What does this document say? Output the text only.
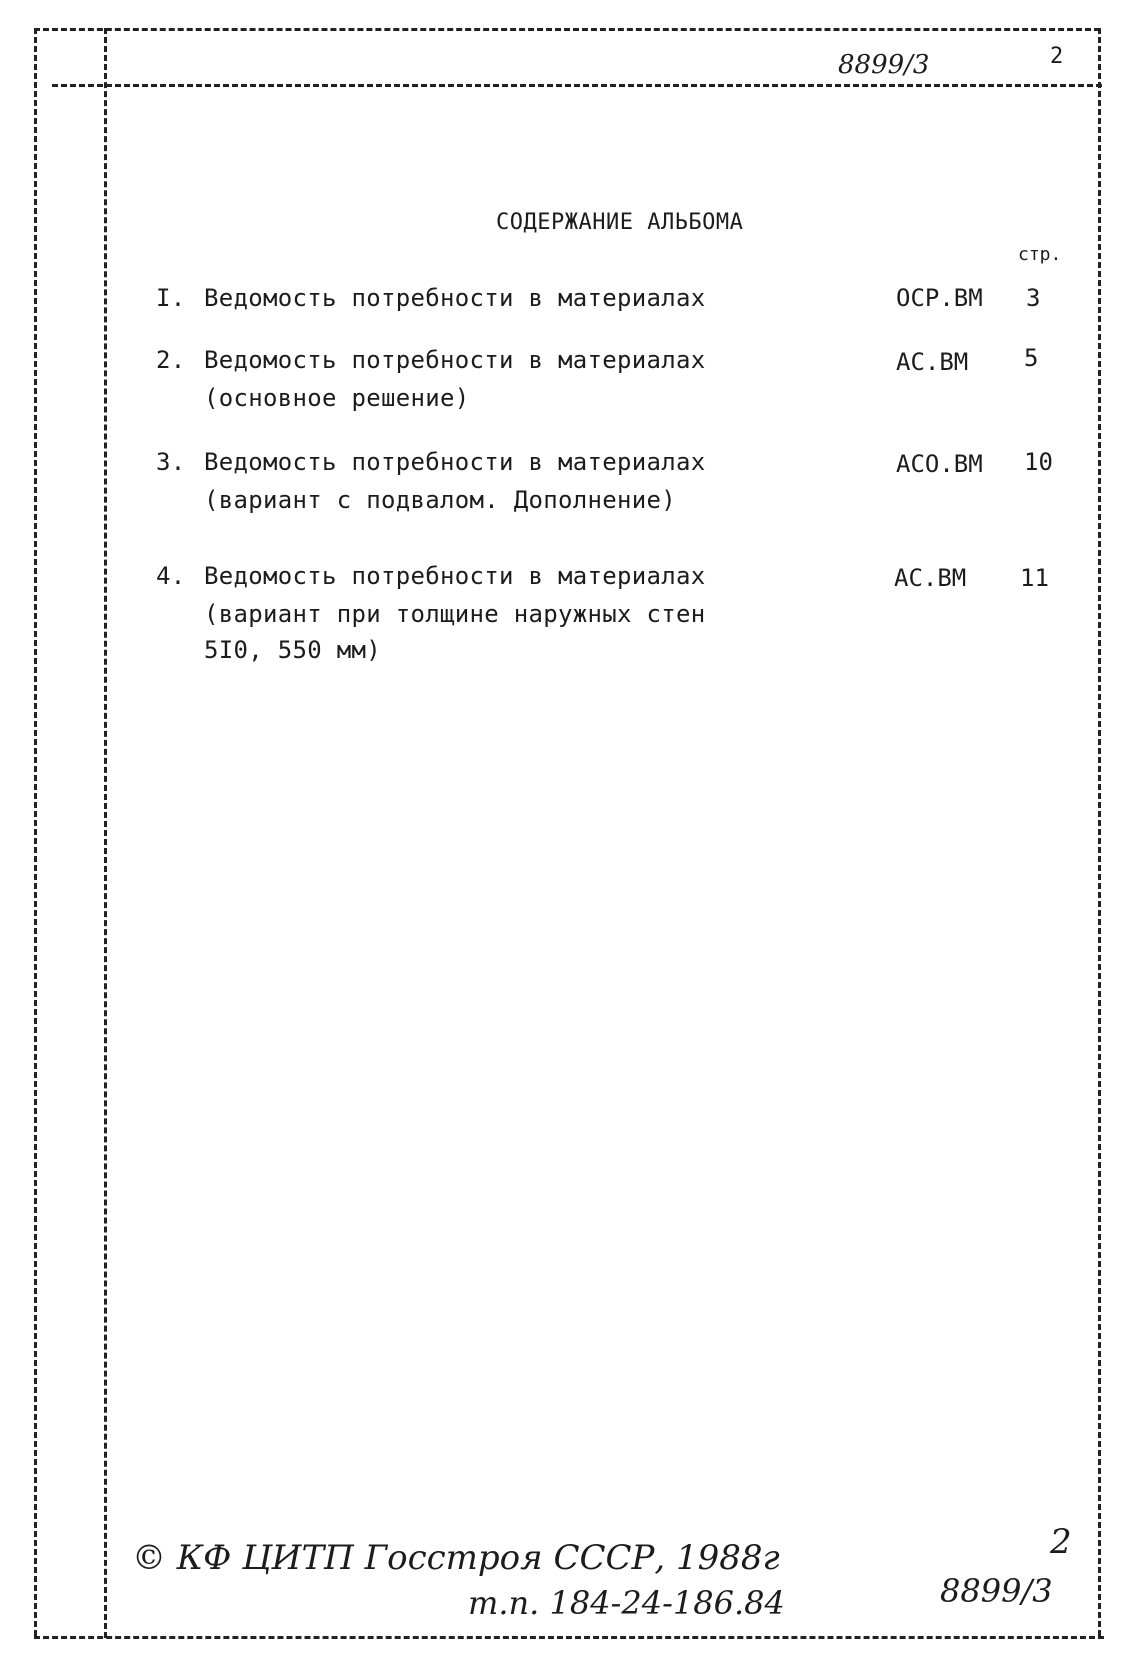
8899/3	2
СОДЕРЖАНИЕ АЛЬБОМА
стр.
I. Ведомость потребности в материалах	ОСР.ВМ 3
2. Ведомость потребности в материалах
(основное решение)
АС.ВМ 5
3. Ведомость потребности в материалах
(вариант с подвалом. Дополнение)
АСО.ВМ 10
4. Ведомость потребности в материалах
(вариант при толщине наружных стен
5I0, 550 мм)
АС.ВМ 11
© КФ ЦИТП Госстроя СССР, 1988г
т.п. 184-24-186.84
2
8899/3
